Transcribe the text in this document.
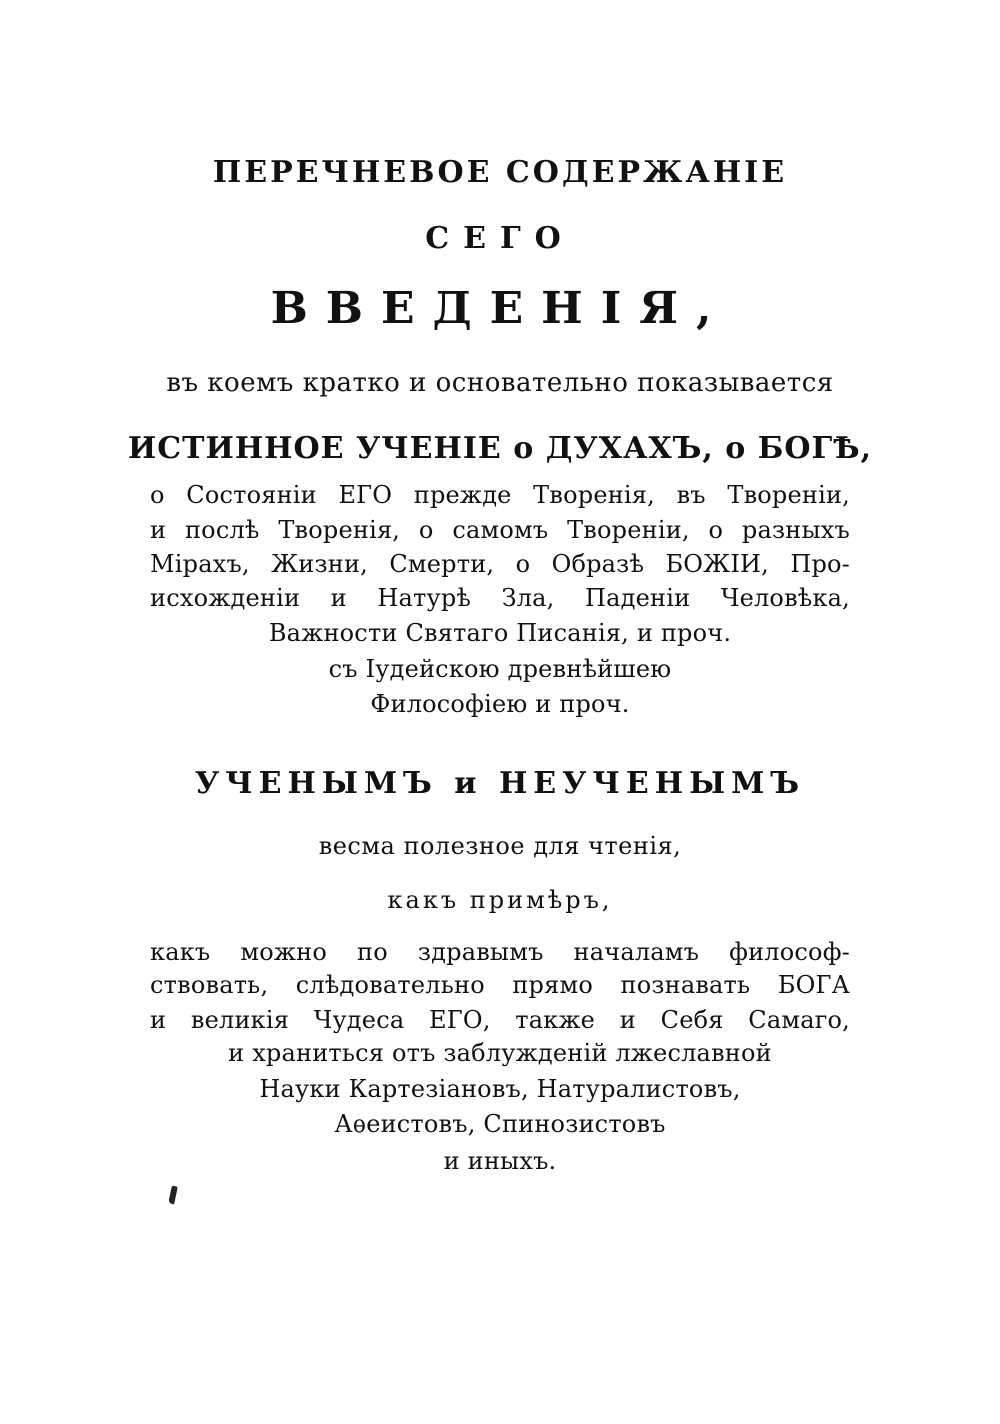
ПЕРЕЧНЕВОЕ СОДЕРЖАНІЕ
СЕГО
ВВЕДЕНІЯ,
въ коемъ краткo и основательно показывается
ИСТИННОЕ УЧЕНІЕ о ДУХАХЪ, о БОГѢ,
о Состояніи ЕГО прежде Творенія, въ Твореніи,
и послѣ Творенія, о самомъ Твореніи, о разныхъ
Мірахъ, Жизни, Смерти, о Образѣ БОЖІИ, Про-
исхожденіи и Натурѣ Зла, Паденіи Человѣка,
Важности Святаго Писанія, и проч.
съ Іудейскою древнѣйшею
Философіею и проч.
УЧЕНЫМЪ и НЕУЧЕНЫМЪ
весма полезное для чтенія,
какъ примѣръ,
какъ можно по здравымъ началамъ философ-
ствовать, слѣдовательно прямо познавать БОГА
и великія Чудеса ЕГО, также и Себя Самаго,
и храниться отъ заблужденій лжеславной
Науки Картезіановъ, Натуралистовъ,
Аѳеистовъ, Спинозистовъ
и иныхъ.
